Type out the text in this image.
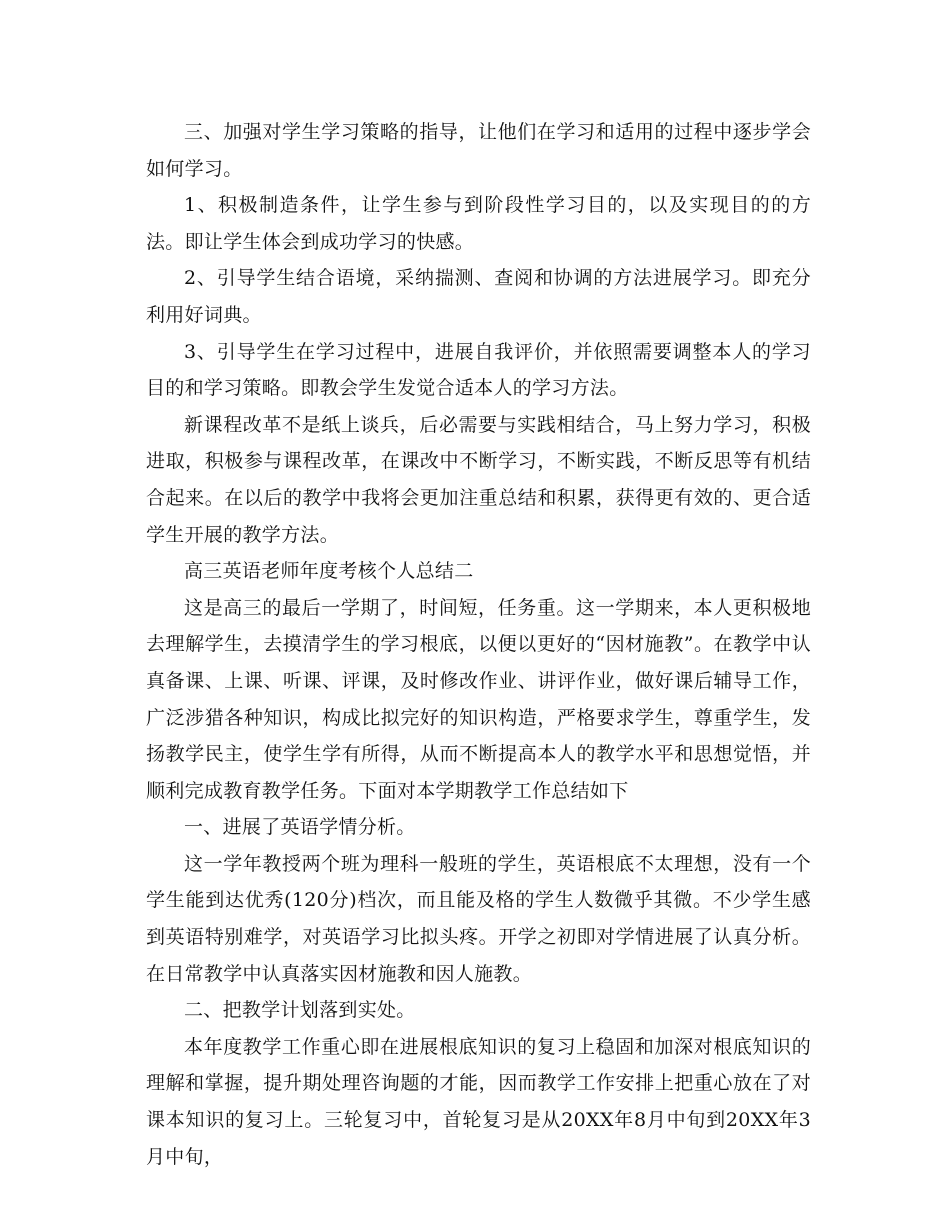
三、加强对学生学习策略的指导，让他们在学习和适用的过程中逐步学会如何学习。

1、积极制造条件，让学生参与到阶段性学习目的，以及实现目的的方法。即让学生体会到成功学习的快感。

2、引导学生结合语境，采纳揣测、查阅和协调的方法进展学习。即充分利用好词典。

3、引导学生在学习过程中，进展自我评价，并依照需要调整本人的学习目的和学习策略。即教会学生发觉合适本人的学习方法。

新课程改革不是纸上谈兵，后必需要与实践相结合，马上努力学习，积极进取，积极参与课程改革，在课改中不断学习，不断实践，不断反思等有机结合起来。在以后的教学中我将会更加注重总结和积累，获得更有效的、更合适学生开展的教学方法。

高三英语老师年度考核个人总结二

这是高三的最后一学期了，时间短，任务重。这一学期来，本人更积极地去理解学生，去摸清学生的学习根底，以便以更好的“因材施教”。在教学中认真备课、上课、听课、评课，及时修改作业、讲评作业，做好课后辅导工作，广泛涉猎各种知识，构成比拟完好的知识构造，严格要求学生，尊重学生，发扬教学民主，使学生学有所得，从而不断提高本人的教学水平和思想觉悟，并顺利完成教育教学任务。下面对本学期教学工作总结如下

一、进展了英语学情分析。

这一学年教授两个班为理科一般班的学生，英语根底不太理想，没有一个学生能到达优秀(120分)档次，而且能及格的学生人数微乎其微。不少学生感到英语特别难学，对英语学习比拟头疼。开学之初即对学情进展了认真分析。在日常教学中认真落实因材施教和因人施教。

二、把教学计划落到实处。

本年度教学工作重心即在进展根底知识的复习上稳固和加深对根底知识的理解和掌握，提升期处理咨询题的才能，因而教学工作安排上把重心放在了对课本知识的复习上。三轮复习中，首轮复习是从20XX年8月中旬到20XX年3月中旬，
